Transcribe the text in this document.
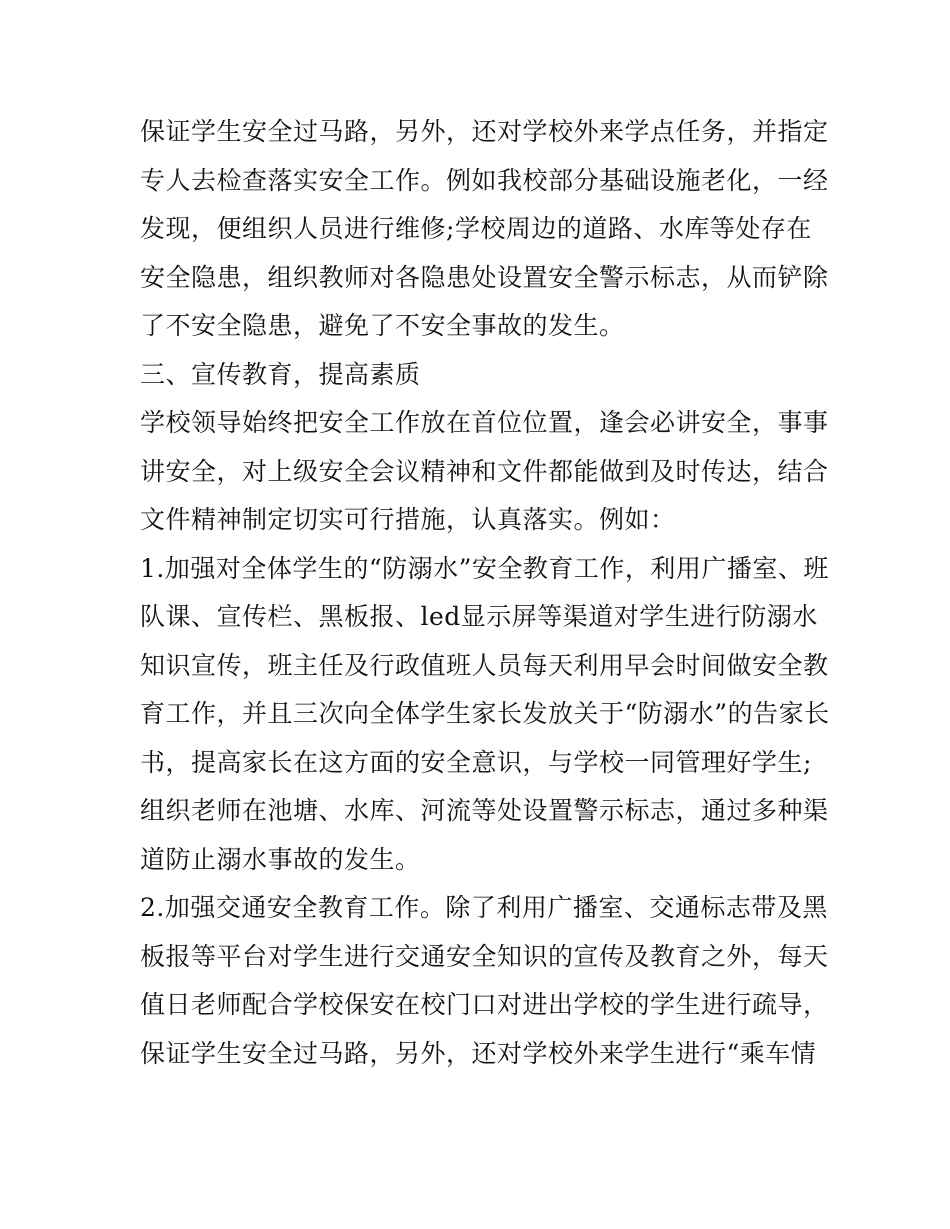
保证学生安全过马路，另外，还对学校外来学点任务，并指定
专人去检查落实安全工作。例如我校部分基础设施老化，一经
发现，便组织人员进行维修;学校周边的道路、水库等处存在
安全隐患，组织教师对各隐患处设置安全警示标志，从而铲除
了不安全隐患，避免了不安全事故的发生。
三、宣传教育，提高素质
学校领导始终把安全工作放在首位位置，逢会必讲安全，事事
讲安全，对上级安全会议精神和文件都能做到及时传达，结合
文件精神制定切实可行措施，认真落实。例如：
1.加强对全体学生的“防溺水”安全教育工作，利用广播室、班
队课、宣传栏、黑板报、led显示屏等渠道对学生进行防溺水
知识宣传，班主任及行政值班人员每天利用早会时间做安全教
育工作，并且三次向全体学生家长发放关于“防溺水”的告家长
书，提高家长在这方面的安全意识，与学校一同管理好学生;
组织老师在池塘、水库、河流等处设置警示标志，通过多种渠
道防止溺水事故的发生。
2.加强交通安全教育工作。除了利用广播室、交通标志带及黑
板报等平台对学生进行交通安全知识的宣传及教育之外，每天
值日老师配合学校保安在校门口对进出学校的学生进行疏导，
保证学生安全过马路，另外，还对学校外来学生进行“乘车情
